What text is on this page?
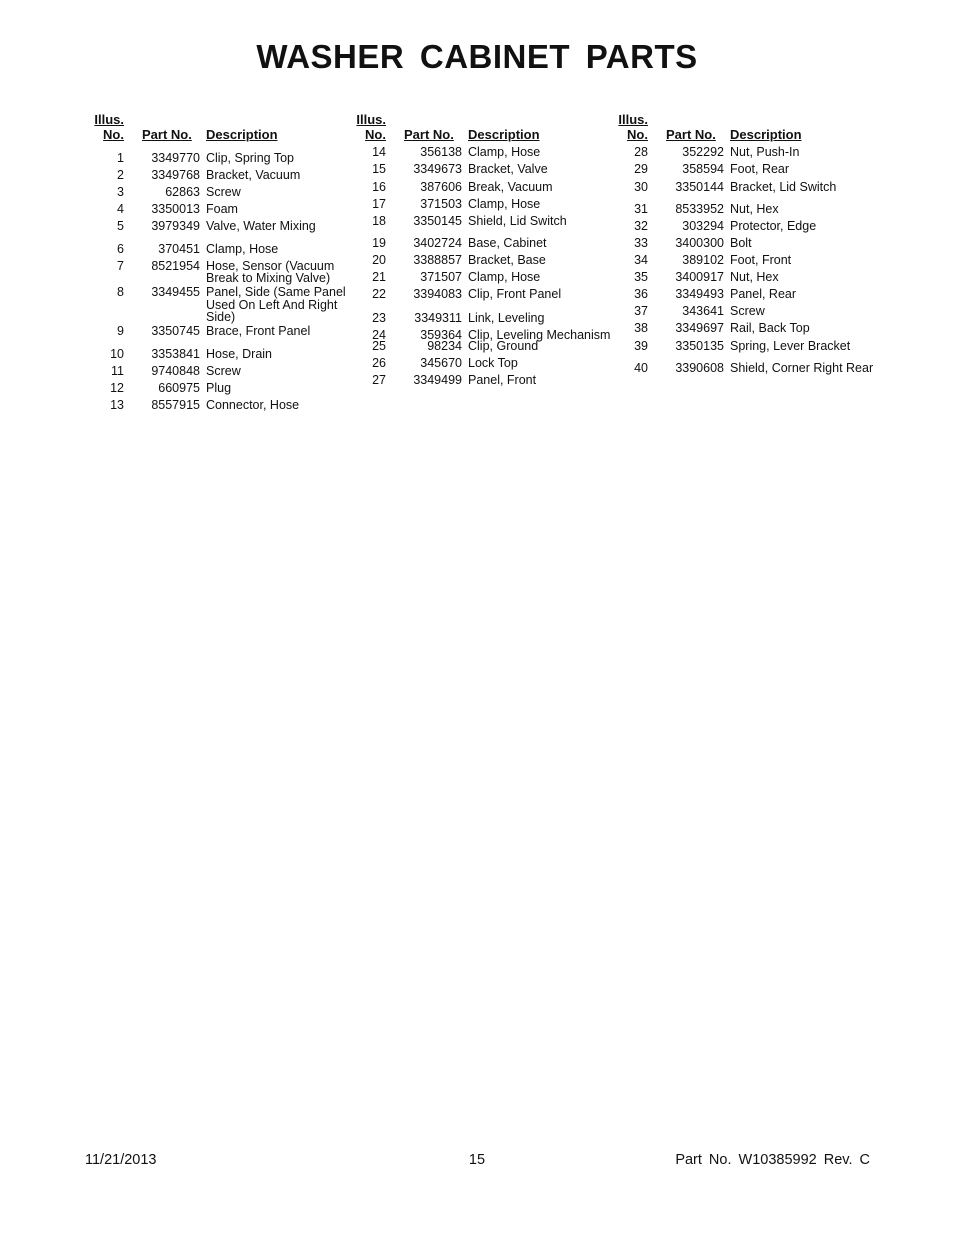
WASHER CABINET PARTS
Illus.
No. Part No. Description
1	3349770 Clip, Spring Top
2	3349768 Bracket, Vacuum
3	62863 Screw
4	3350013 Foam
5	3979349 Valve, Water Mixing
6	370451 Clamp, Hose
7	8521954 Hose, Sensor (Vacuum Break to Mixing Valve)
8	3349455 Panel, Side (Same Panel Used On Left And Right Side)
9	3350745 Brace, Front Panel
10	3353841 Hose, Drain
11	9740848 Screw
12	660975 Plug
13	8557915 Connector, Hose
Illus.
No. Part No. Description
14	356138 Clamp, Hose
15	3349673 Bracket, Valve
16	387606 Break, Vacuum
17	371503 Clamp, Hose
18	3350145 Shield, Lid Switch
19	3402724 Base, Cabinet
20	3388857 Bracket, Base
21	371507 Clamp, Hose
22	3394083 Clip, Front Panel
23	3349311 Link, Leveling
24	359364 Clip, Leveling Mechanism
25	98234 Clip, Ground
26	345670 Lock Top
27	3349499 Panel, Front
Illus.
No. Part No. Description
28	352292 Nut, Push-In
29	358594 Foot, Rear
30	3350144 Bracket, Lid Switch
31	8533952 Nut, Hex
32	303294 Protector, Edge
33	3400300 Bolt
34	389102 Foot, Front
35	3400917 Nut, Hex
36	3349493 Panel, Rear
37	343641 Screw
38	3349697 Rail, Back Top
39	3350135 Spring, Lever Bracket
40	3390608 Shield, Corner Right Rear
11/21/2013	15	Part No. W10385992 Rev. C
